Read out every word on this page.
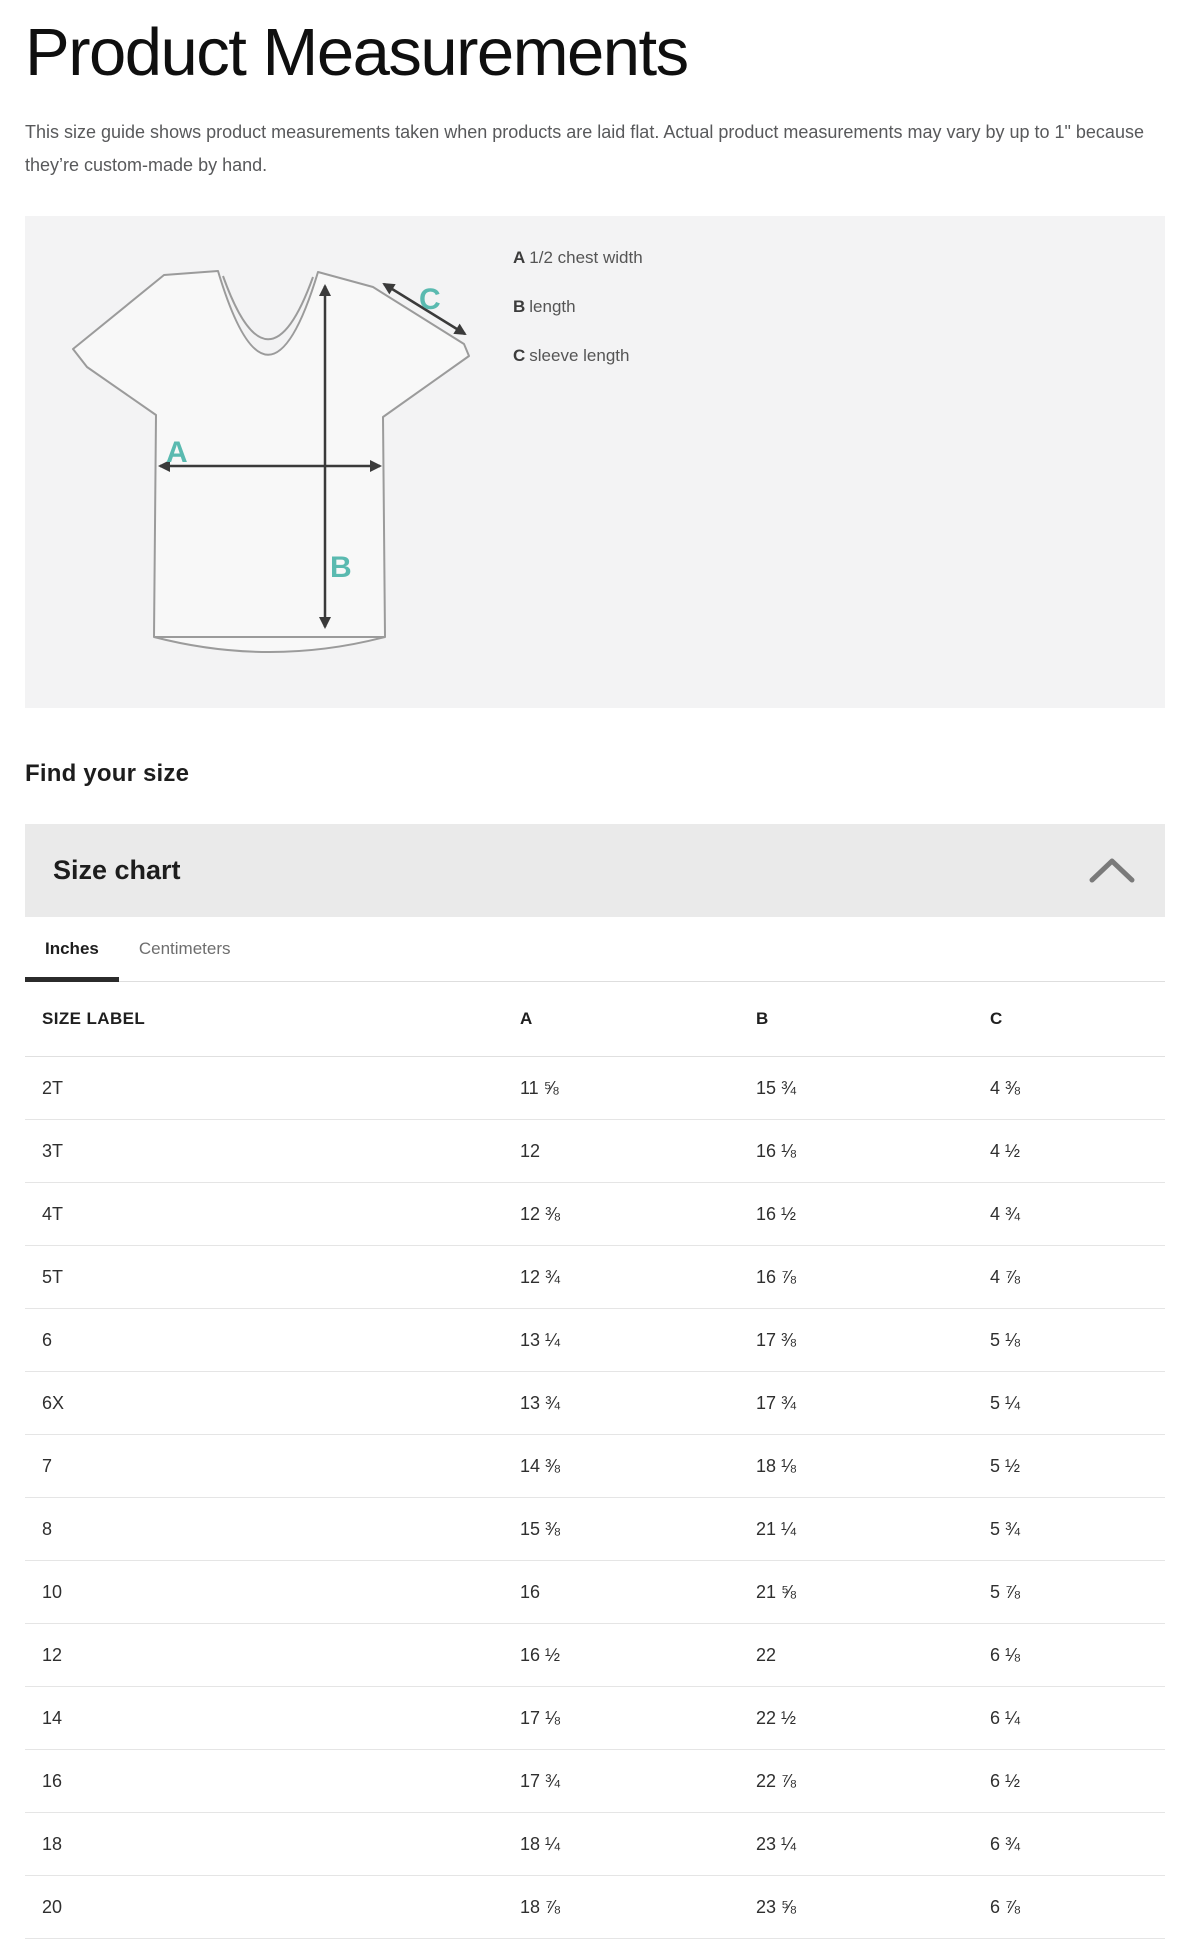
Product Measurements

This size guide shows product measurements taken when products are laid flat. Actual product measurements may vary by up to 1" because they’re custom-made by hand.

A
B
C
A 1/2 chest width
B length
C sleeve length
Find your size
Size chart
Inches	Centimeters
SIZE LABEL	A	B	C
2T	11 ⅝	15 ¾	4 ⅜
3T	12	16 ⅛	4 ½
4T	12 ⅜	16 ½	4 ¾
5T	12 ¾	16 ⅞	4 ⅞
6	13 ¼	17 ⅜	5 ⅛
6X	13 ¾	17 ¾	5 ¼
7	14 ⅜	18 ⅛	5 ½
8	15 ⅜	21 ¼	5 ¾
10	16	21 ⅝	5 ⅞
12	16 ½	22	6 ⅛
14	17 ⅛	22 ½	6 ¼
16	17 ¾	22 ⅞	6 ½
18	18 ¼	23 ¼	6 ¾
20	18 ⅞	23 ⅝	6 ⅞
